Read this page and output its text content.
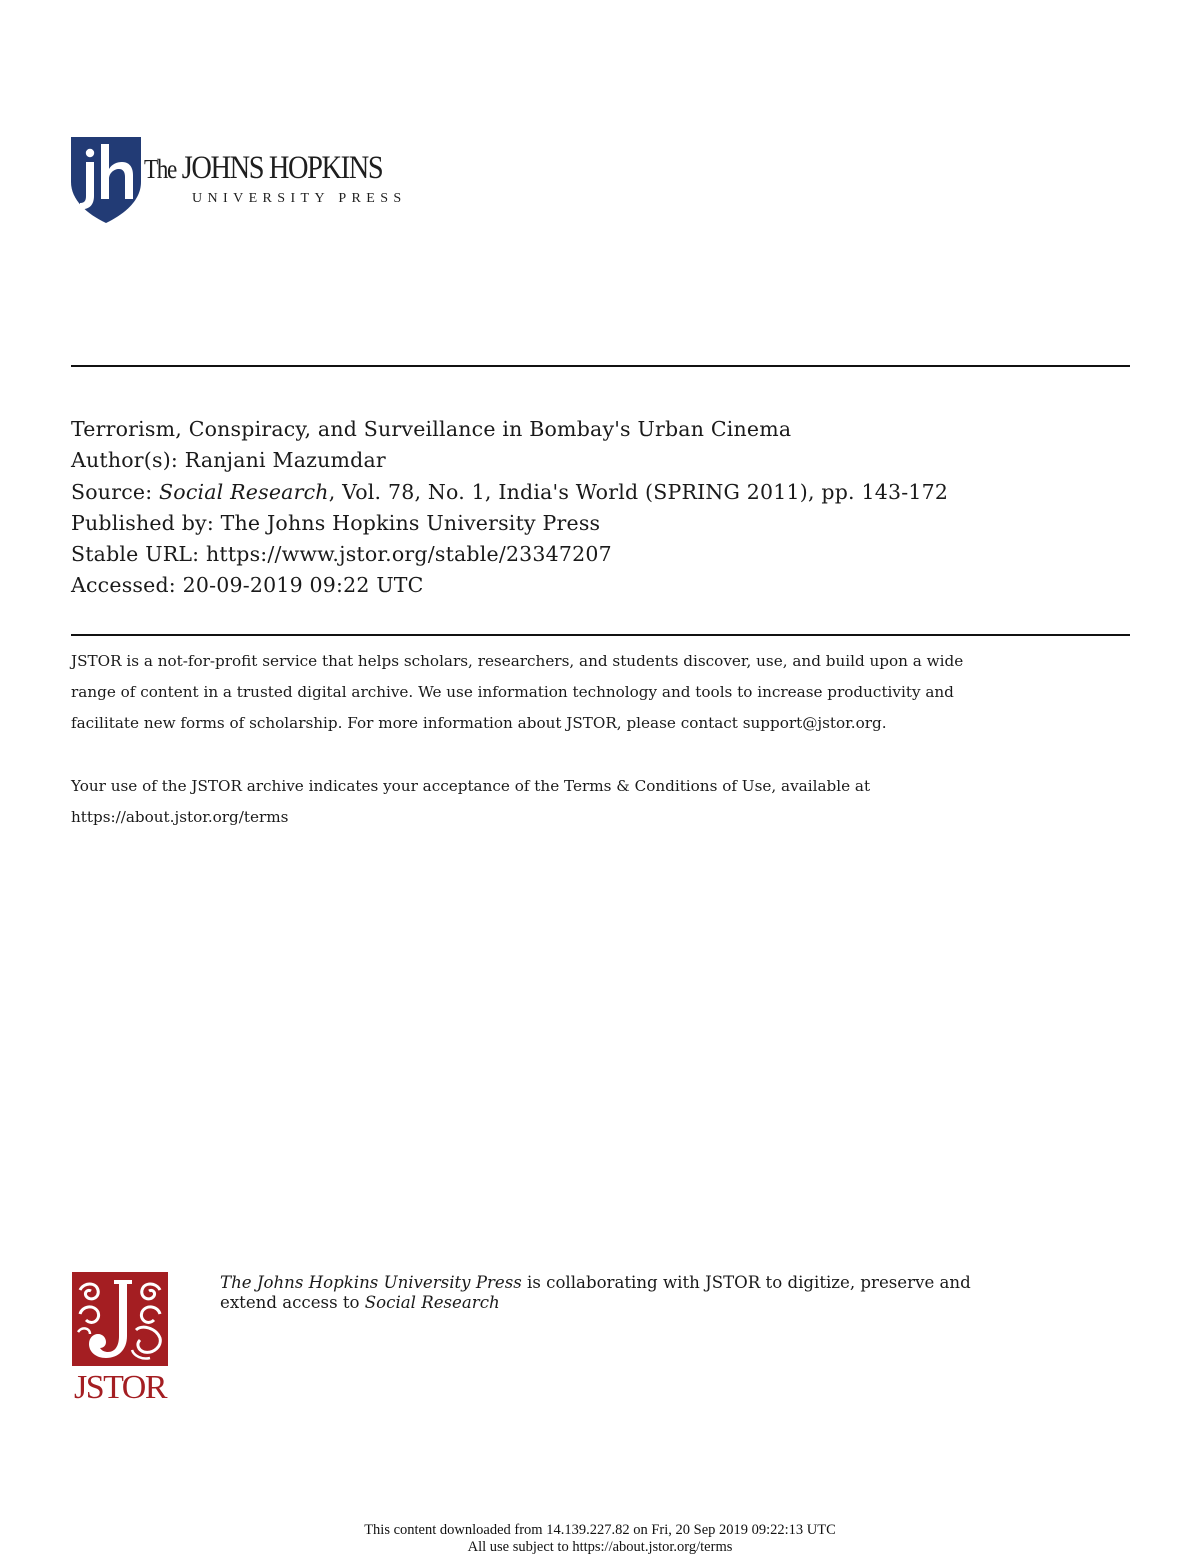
The JOHNS HOPKINS
UNIVERSITY PRESS
Terrorism, Conspiracy, and Surveillance in Bombay's Urban Cinema
Author(s): Ranjani Mazumdar
Source: Social Research, Vol. 78, No. 1, India's World (SPRING 2011), pp. 143-172
Published by: The Johns Hopkins University Press
Stable URL: https://www.jstor.org/stable/23347207
Accessed: 20-09-2019 09:22 UTC
JSTOR is a not-for-profit service that helps scholars, researchers, and students discover, use, and build upon a wide
range of content in a trusted digital archive. We use information technology and tools to increase productivity and
facilitate new forms of scholarship. For more information about JSTOR, please contact support@jstor.org.
Your use of the JSTOR archive indicates your acceptance of the Terms & Conditions of Use, available at
https://about.jstor.org/terms
JSTOR
The Johns Hopkins University Press is collaborating with JSTOR to digitize, preserve and
extend access to Social Research
This content downloaded from 14.139.227.82 on Fri, 20 Sep 2019 09:22:13 UTC
All use subject to https://about.jstor.org/terms
